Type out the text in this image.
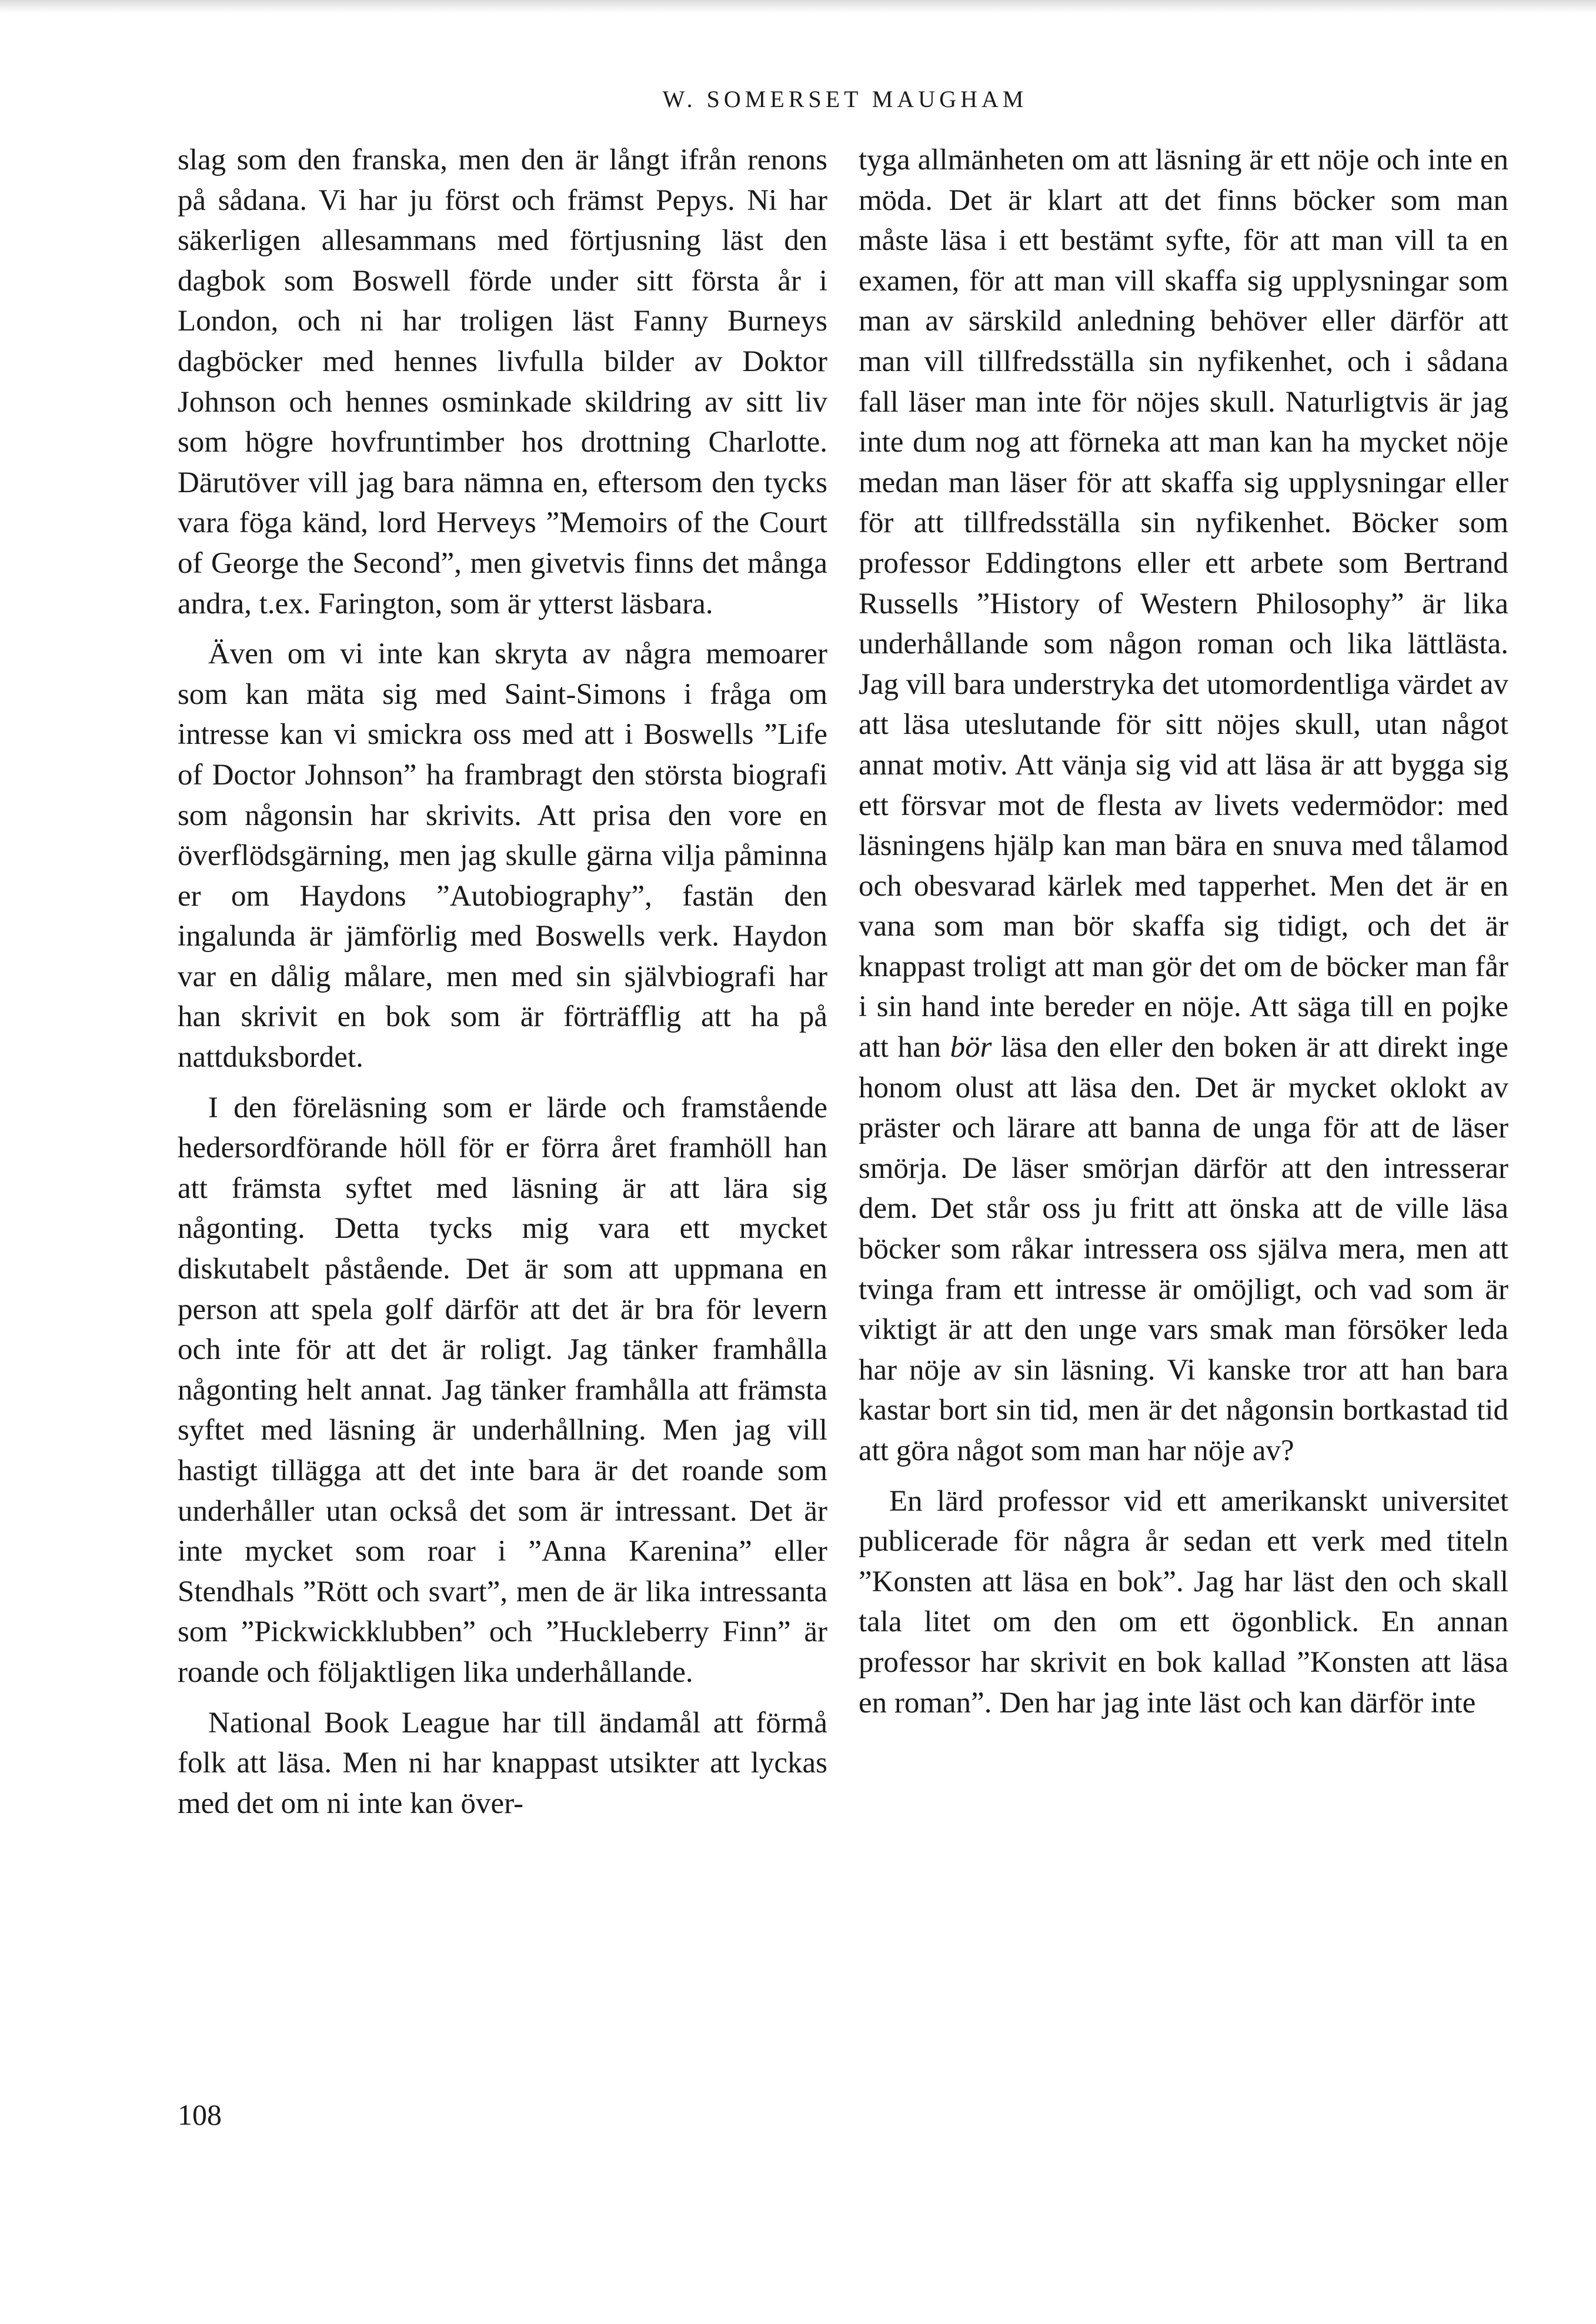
W. SOMERSET MAUGHAM

slag som den franska, men den är långt ifrån renons på sådana. Vi har ju först och främst Pepys. Ni har säkerligen allesammans med förtjusning läst den dagbok som Boswell förde under sitt första år i London, och ni har troligen läst Fanny Burneys dagböcker med hennes livfulla bilder av Doktor Johnson och hennes osminkade skildring av sitt liv som högre hovfruntimber hos drottning Charlotte. Därutöver vill jag bara nämna en, eftersom den tycks vara föga känd, lord Herveys ”Memoirs of the Court of George the Second”, men givetvis finns det många andra, t.ex. Farington, som är ytterst läsbara.

Även om vi inte kan skryta av några memoarer som kan mäta sig med Saint-Simons i fråga om intresse kan vi smickra oss med att i Boswells ”Life of Doctor Johnson” ha frambragt den största biografi som någonsin har skrivits. Att prisa den vore en överflödsgärning, men jag skulle gärna vilja påminna er om Haydons ”Autobiography”, fastän den ingalunda är jämförlig med Boswells verk. Haydon var en dålig målare, men med sin självbiografi har han skrivit en bok som är förträfflig att ha på nattduksbordet.

I den föreläsning som er lärde och framstående hedersordförande höll för er förra året framhöll han att främsta syftet med läsning är att lära sig någonting. Detta tycks mig vara ett mycket diskutabelt påstående. Det är som att uppmana en person att spela golf därför att det är bra för levern och inte för att det är roligt. Jag tänker framhålla någonting helt annat. Jag tänker framhålla att främsta syftet med läsning är underhållning. Men jag vill hastigt tillägga att det inte bara är det roande som underhåller utan också det som är intressant. Det är inte mycket som roar i ”Anna Karenina” eller Stendhals ”Rött och svart”, men de är lika intressanta som ”Pickwickklubben” och ”Huckleberry Finn” är roande och följaktligen lika underhållande.

National Book League har till ändamål att förmå folk att läsa. Men ni har knappast utsikter att lyckas med det om ni inte kan över-

tyga allmänheten om att läsning är ett nöje och inte en möda. Det är klart att det finns böcker som man måste läsa i ett bestämt syfte, för att man vill ta en examen, för att man vill skaffa sig upplysningar som man av särskild anledning behöver eller därför att man vill tillfredsställa sin nyfikenhet, och i sådana fall läser man inte för nöjes skull. Naturligtvis är jag inte dum nog att förneka att man kan ha mycket nöje medan man läser för att skaffa sig upplysningar eller för att tillfredsställa sin nyfikenhet. Böcker som professor Eddingtons eller ett arbete som Bertrand Russells ”History of Western Philosophy” är lika underhållande som någon roman och lika lättlästa. Jag vill bara understryka det utomordentliga värdet av att läsa uteslutande för sitt nöjes skull, utan något annat motiv. Att vänja sig vid att läsa är att bygga sig ett försvar mot de flesta av livets vedermödor: med läsningens hjälp kan man bära en snuva med tålamod och obesvarad kärlek med tapperhet. Men det är en vana som man bör skaffa sig tidigt, och det är knappast troligt att man gör det om de böcker man får i sin hand inte bereder en nöje. Att säga till en pojke att han bör läsa den eller den boken är att direkt inge honom olust att läsa den. Det är mycket oklokt av präster och lärare att banna de unga för att de läser smörja. De läser smörjan därför att den intresserar dem. Det står oss ju fritt att önska att de ville läsa böcker som råkar intressera oss själva mera, men att tvinga fram ett intresse är omöjligt, och vad som är viktigt är att den unge vars smak man försöker leda har nöje av sin läsning. Vi kanske tror att han bara kastar bort sin tid, men är det någonsin bortkastad tid att göra något som man har nöje av?

En lärd professor vid ett amerikanskt universitet publicerade för några år sedan ett verk med titeln ”Konsten att läsa en bok”. Jag har läst den och skall tala litet om den om ett ögonblick. En annan professor har skrivit en bok kallad ”Konsten att läsa en roman”. Den har jag inte läst och kan därför inte

108
